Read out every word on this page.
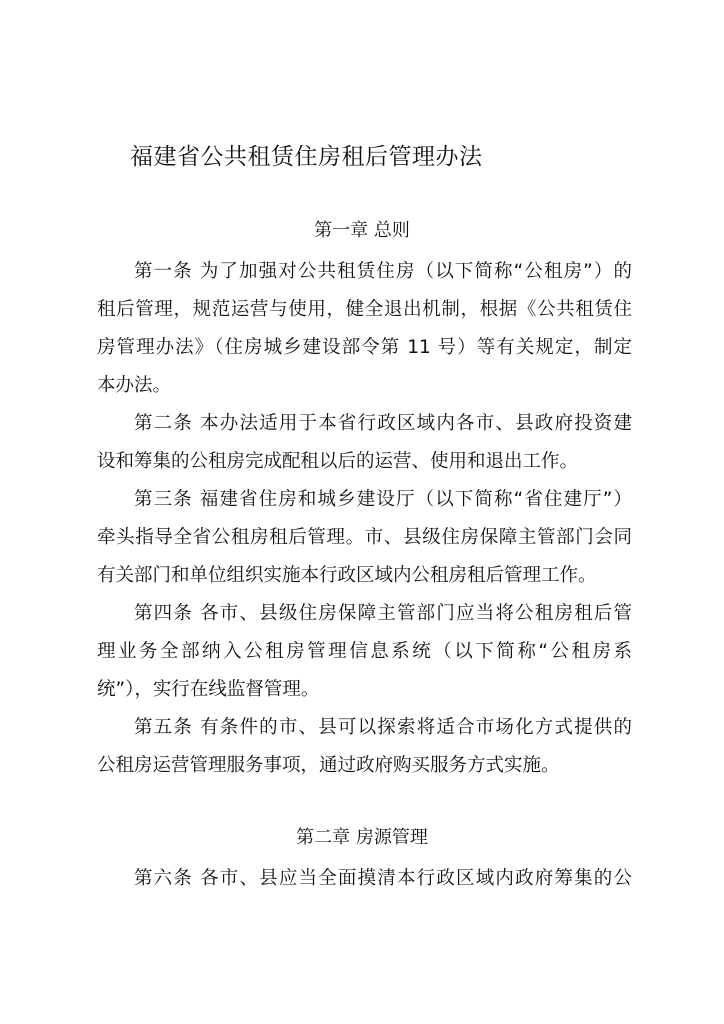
福建省公共租赁住房租后管理办法
第一章 总则
第一条 为了加强对公共租赁住房（以下简称“公租房”）的
租后管理，规范运营与使用，健全退出机制，根据《公共租赁住
房管理办法》（住房城乡建设部令第 11 号）等有关规定，制定
本办法。
第二条 本办法适用于本省行政区域内各市、县政府投资建
设和筹集的公租房完成配租以后的运营、使用和退出工作。
第三条 福建省住房和城乡建设厅（以下简称“省住建厅”）
牵头指导全省公租房租后管理。市、县级住房保障主管部门会同
有关部门和单位组织实施本行政区域内公租房租后管理工作。
第四条 各市、县级住房保障主管部门应当将公租房租后管
理业务全部纳入公租房管理信息系统（以下简称“公租房系
统”），实行在线监督管理。
第五条 有条件的市、县可以探索将适合市场化方式提供的
公租房运营管理服务事项，通过政府购买服务方式实施。
第二章 房源管理
第六条 各市、县应当全面摸清本行政区域内政府筹集的公
